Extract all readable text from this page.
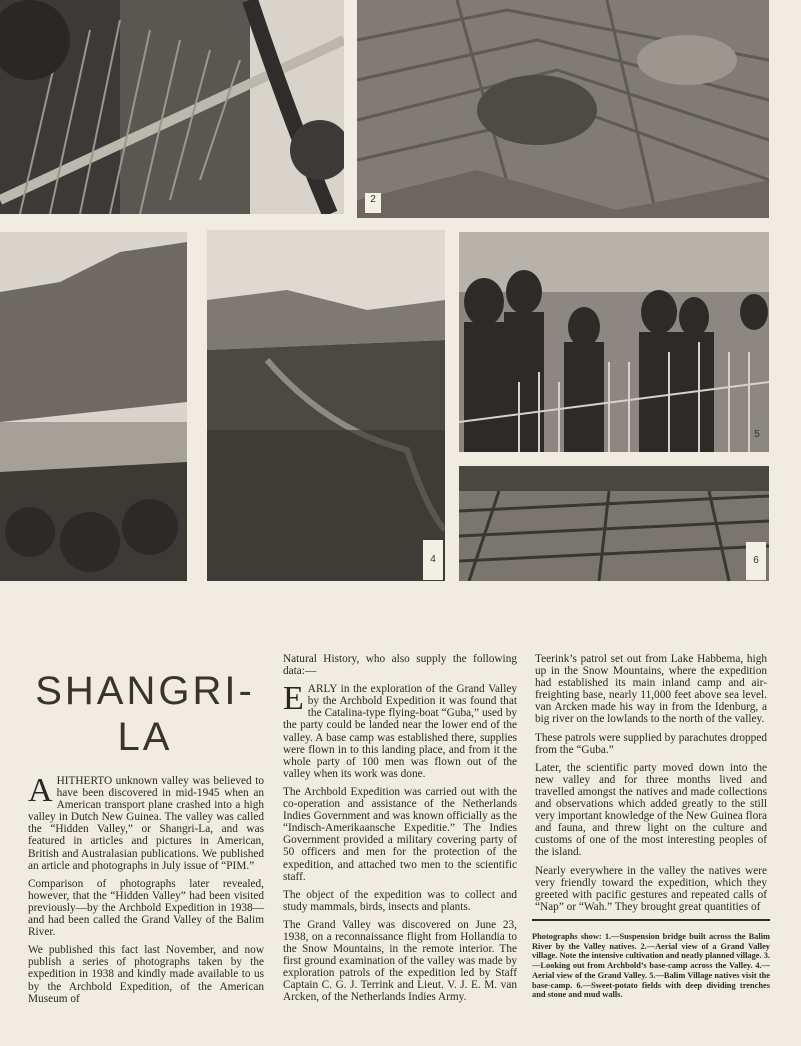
2
4
5
6
SHANGRI-LA

AHITHERTO unknown valley was believed to have been discovered in mid-1945 when an American transport plane crashed into a high valley in Dutch New Guinea. The valley was called the “Hidden Valley,” or Shangri-La, and was featured in articles and pictures in American, British and Australasian publications. We published an article and photographs in July issue of “PIM.”

Comparison of photographs later revealed, however, that the “Hidden Valley” had been visited previously—by the Archbold Expedition in 1938—and had been called the Grand Valley of the Balim River.

We published this fact last November, and now publish a series of photographs taken by the expedition in 1938 and kindly made available to us by the Archbold Expedition, of the American Museum of

Natural History, who also supply the following data:—

EARLY in the exploration of the Grand Valley by the Archbold Expedition it was found that the Catalina-type flying-boat “Guba,” used by the party could be landed near the lower end of the valley. A base camp was established there, supplies were flown in to this landing place, and from it the whole party of 100 men was flown out of the valley when its work was done.

The Archbold Expedition was carried out with the co-operation and assistance of the Netherlands Indies Government and was known officially as the “Indisch-Amerikaansche Expeditie.” The Indies Government provided a military covering party of 50 officers and men for the protection of the expedition, and attached two men to the scientific staff.

The object of the expedition was to collect and study mammals, birds, insects and plants.

The Grand Valley was discovered on June 23, 1938, on a reconnaissance flight from Hollandia to the Snow Mountains, in the remote interior. The first ground examination of the valley was made by exploration patrols of the expedition led by Staff Captain C. G. J. Terrink and Lieut. V. J. E. M. van Arcken, of the Netherlands Indies Army.

Teerink’s patrol set out from Lake Habbema, high up in the Snow Mountains, where the expedition had established its main inland camp and air-freighting base, nearly 11,000 feet above sea level. van Arcken made his way in from the Idenburg, a big river on the lowlands to the north of the valley.

These patrols were supplied by parachutes dropped from the “Guba.”

Later, the scientific party moved down into the new valley and for three months lived and travelled amongst the natives and made collections and observations which added greatly to the still very important knowledge of the New Guinea flora and fauna, and threw light on the culture and customs of one of the most interesting peoples of the island.

Nearly everywhere in the valley the natives were very friendly toward the expedition, which they greeted with pacific gestures and repeated calls of “Nap” or “Wah.” They brought great quantities of

Photographs show: 1.—Suspension bridge built across the Balim River by the Valley natives. 2.—Aerial view of a Grand Valley village. Note the intensive cultivation and neatly planned village. 3.—Looking out from Archbold’s base-camp across the Valley. 4.—Aerial view of the Grand Valley. 5.—Balim Village natives visit the base-camp. 6.—Sweet-potato fields with deep dividing trenches and stone and mud walls.
